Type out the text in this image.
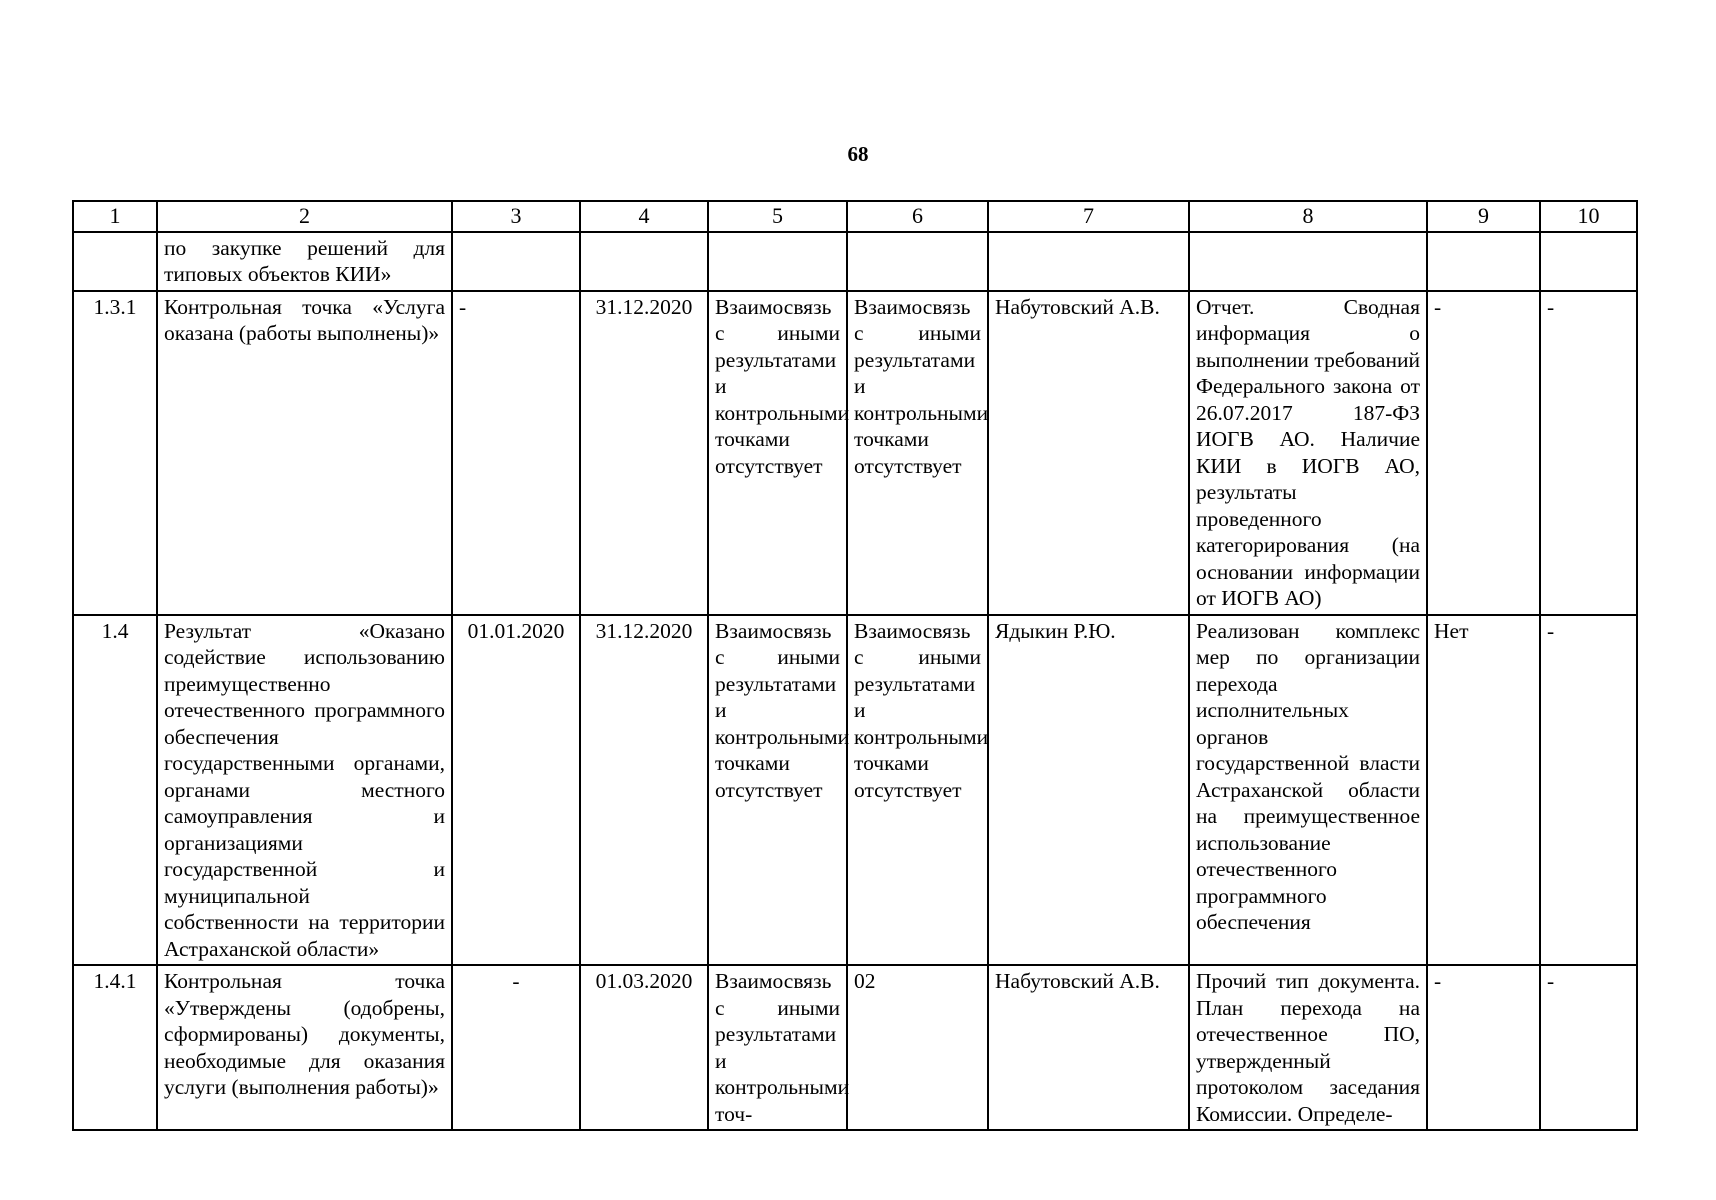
68
1	2	3	4	5	6	7	8	9	10
	по закупке решений для типовых объектов КИИ»								
1.3.1	Контрольная точка «Услуга оказана (работы выполнены)»	-	31.12.2020	Взаимосвязь с иными результатами и контрольными точками отсутствует	Взаимосвязь с иными результатами и контрольными точками отсутствует	Набутовский А.В.	Отчет. Сводная информация о выполнении требований Федерального закона от 26.07.2017 187-ФЗ ИОГВ АО. Наличие КИИ в ИОГВ АО, результаты проведенного категорирования (на основании информации от ИОГВ АО)	-	-
1.4	Результат «Оказано содействие использованию преимущественно отечественного программного обеспечения государственными органами, органами местного самоуправления и организациями государственной и муниципальной собственности на территории Астраханской области»	01.01.2020	31.12.2020	Взаимосвязь с иными результатами и контрольными точками отсутствует	Взаимосвязь с иными результатами и контрольными точками отсутствует	Ядыкин Р.Ю.	Реализован комплекс мер по организации перехода исполнительных органов государственной власти Астраханской области на преимущественное использование отечественного программного обеспечения	Нет	-
1.4.1	Контрольная точка «Утверждены (одобрены, сформированы) документы, необходимые для оказания услуги (выполнения работы)»	-	01.03.2020	Взаимосвязь с иными результатами и контрольными точ-	02	Набутовский А.В.	Прочий тип документа. План перехода на отечественное ПО, утвержденный протоколом заседания Комиссии. Определе-	-	-
